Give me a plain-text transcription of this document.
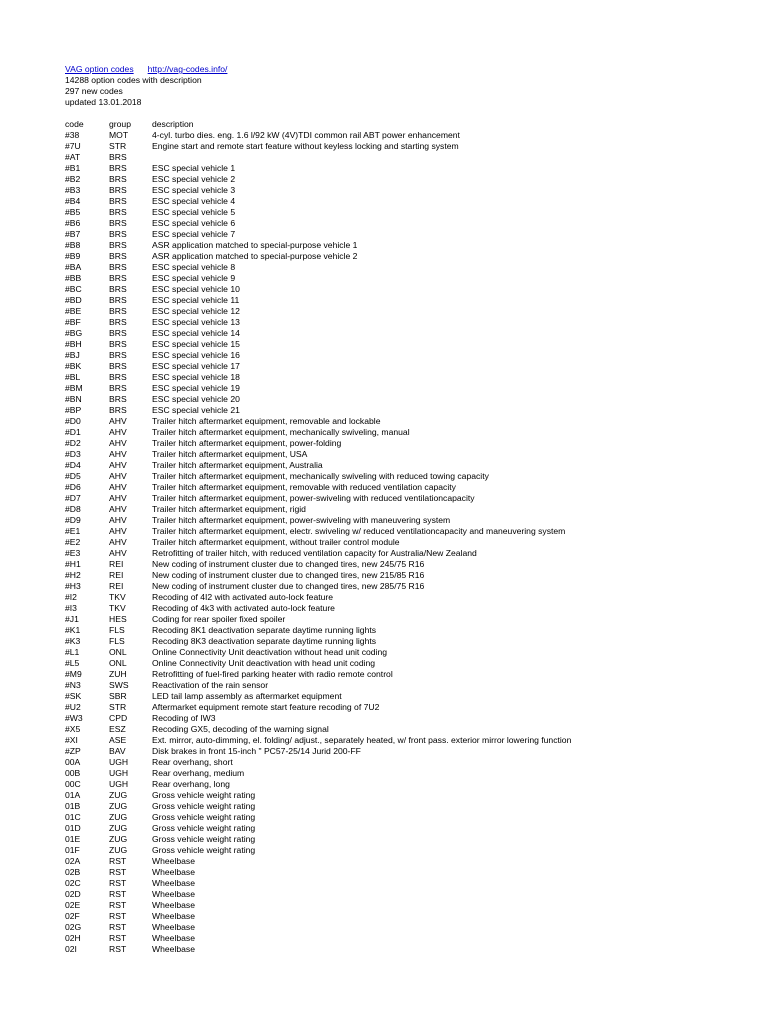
VAG option codes http://vag-codes.info/
14288 option codes with description
297 new codes
updated 13.01.2018
code	group	description
#38	MOT	4-cyl. turbo dies. eng. 1.6 l/92 kW (4V)TDI common rail ABT power enhancement
#7U	STR	Engine start and remote start feature without keyless locking and starting system
#AT	BRS
#B1	BRS	ESC special vehicle 1
#B2	BRS	ESC special vehicle 2
#B3	BRS	ESC special vehicle 3
#B4	BRS	ESC special vehicle 4
#B5	BRS	ESC special vehicle 5
#B6	BRS	ESC special vehicle 6
#B7	BRS	ESC special vehicle 7
#B8	BRS	ASR application matched to special-purpose vehicle 1
#B9	BRS	ASR application matched to special-purpose vehicle 2
#BA	BRS	ESC special vehicle 8
#BB	BRS	ESC special vehicle 9
#BC	BRS	ESC special vehicle 10
#BD	BRS	ESC special vehicle 11
#BE	BRS	ESC special vehicle 12
#BF	BRS	ESC special vehicle 13
#BG	BRS	ESC special vehicle 14
#BH	BRS	ESC special vehicle 15
#BJ	BRS	ESC special vehicle 16
#BK	BRS	ESC special vehicle 17
#BL	BRS	ESC special vehicle 18
#BM	BRS	ESC special vehicle 19
#BN	BRS	ESC special vehicle 20
#BP	BRS	ESC special vehicle 21
#D0	AHV	Trailer hitch aftermarket equipment, removable and lockable
#D1	AHV	Trailer hitch aftermarket equipment, mechanically swiveling, manual
#D2	AHV	Trailer hitch aftermarket equipment, power-folding
#D3	AHV	Trailer hitch aftermarket equipment, USA
#D4	AHV	Trailer hitch aftermarket equipment, Australia
#D5	AHV	Trailer hitch aftermarket equipment, mechanically swiveling with reduced towing capacity
#D6	AHV	Trailer hitch aftermarket equipment, removable with reduced ventilation capacity
#D7	AHV	Trailer hitch aftermarket equipment, power-swiveling with reduced ventilationcapacity
#D8	AHV	Trailer hitch aftermarket equipment, rigid
#D9	AHV	Trailer hitch aftermarket equipment, power-swiveling with maneuvering system
#E1	AHV	Trailer hitch aftermarket equipment, electr. swiveling w/ reduced ventilationcapacity and maneuvering system
#E2	AHV	Trailer hitch aftermarket equipment, without trailer control module
#E3	AHV	Retrofitting of trailer hitch, with reduced ventilation capacity for Australia/New Zealand
#H1	REI	New coding of instrument cluster due to changed tires, new 245/75 R16
#H2	REI	New coding of instrument cluster due to changed tires, new 215/85 R16
#H3	REI	New coding of instrument cluster due to changed tires, new 285/75 R16
#I2	TKV	Recoding of 4I2 with activated auto-lock feature
#I3	TKV	Recoding of 4k3 with activated auto-lock feature
#J1	HES	Coding for rear spoiler fixed spoiler
#K1	FLS	Recoding 8K1 deactivation separate daytime running lights
#K3	FLS	Recoding 8K3 deactivation separate daytime running lights
#L1	ONL	Online Connectivity Unit deactivation without head unit coding
#L5	ONL	Online Connectivity Unit deactivation with head unit coding
#M9	ZUH	Retrofitting of fuel-fired parking heater with radio remote control
#N3	SWS	Reactivation of the rain sensor
#SK	SBR	LED tail lamp assembly as aftermarket equipment
#U2	STR	Aftermarket equipment remote start feature recoding of 7U2
#W3	CPD	Recoding of IW3
#X5	ESZ	Recoding GX5, decoding of the warning signal
#XI	ASE	Ext. mirror, auto-dimming, el. folding/ adjust., separately heated, w/ front pass. exterior mirror lowering function
#ZP	BAV	Disk brakes in front 15-inch " PC57-25/14 Jurid 200-FF
00A	UGH	Rear overhang, short
00B	UGH	Rear overhang, medium
00C	UGH	Rear overhang, long
01A	ZUG	Gross vehicle weight rating
01B	ZUG	Gross vehicle weight rating
01C	ZUG	Gross vehicle weight rating
01D	ZUG	Gross vehicle weight rating
01E	ZUG	Gross vehicle weight rating
01F	ZUG	Gross vehicle weight rating
02A	RST	Wheelbase
02B	RST	Wheelbase
02C	RST	Wheelbase
02D	RST	Wheelbase
02E	RST	Wheelbase
02F	RST	Wheelbase
02G	RST	Wheelbase
02H	RST	Wheelbase
02I	RST	Wheelbase
